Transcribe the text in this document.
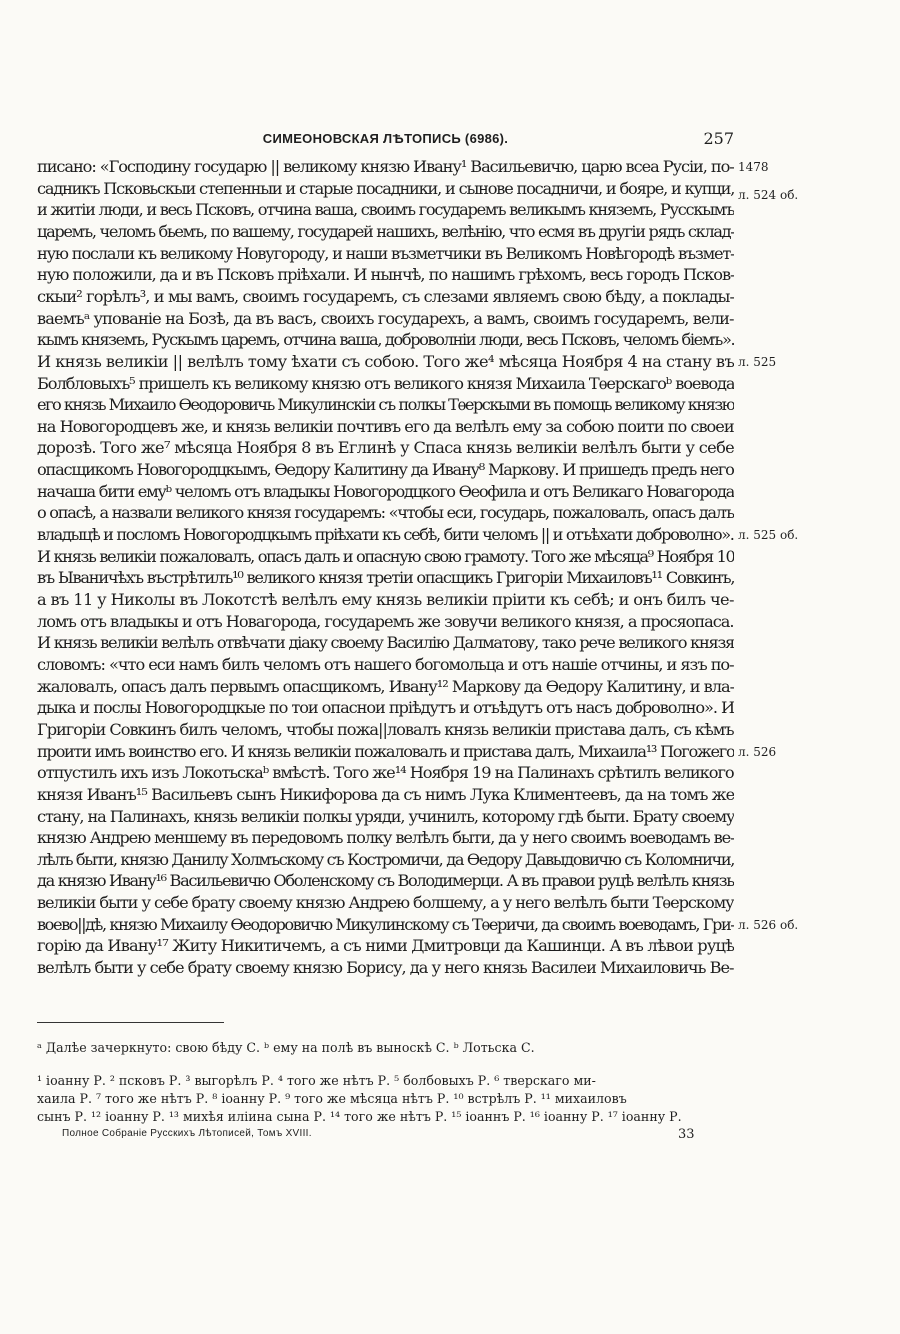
СИМЕОНОВСКАЯ ЛѢТОПИСЬ (6986).	257
писано: «Господину государю || великому князю Ивану¹ Васильевичю, царю всеа Русіи, по-
садникъ Псковьскыи степенныи и старые посадники, и сынове посадничи, и бояре, и купци,
и житіи люди, и весь Псковъ, отчина ваша, своимъ государемъ великымъ княземъ, Русскымъ
царемъ, челомъ бьемъ, по вашему, государей нашихъ, велѣнію, что есмя въ другіи рядъ склад-
ную послали къ великому Новугороду, и наши възметчики въ Великомъ Новѣгородѣ възмет-
ную положили, да и въ Псковъ пріѣхали. И нынчѣ, по нашимъ грѣхомъ, весь городъ Псков-
скыи² горѣлъ³, и мы вамъ, своимъ государемъ, съ слезами являемъ свою бѣду, а поклады-
ваемъᵃ упованіе на Бозѣ, да въ васъ, своихъ государехъ, а вамъ, своимъ государемъ, вели-
кымъ княземъ, Рускымъ царемъ, отчина ваша, доброволніи люди, весь Псковъ, челомъ біемъ».
И князь великіи || велѣлъ тому ѣхати съ собою. Того же⁴ мѣсяца Ноября 4 на стану въ
Болбловыхъ⁵ пришелъ къ великому князю отъ великого князя Михаила Тѳерскагоᵇ воевода
его князь Михаило Ѳеодоровичь Микулинскіи съ полкы Тѳерскыми въ помощь великому князю
на Новогородцевъ же, и князь великіи почтивъ его да велѣлъ ему за собою поити по своеи
дорозѣ. Того же⁷ мѣсяца Ноября 8 въ Еглинѣ у Спаса князь великіи велѣлъ быти у себе
опасщикомъ Новогородцкымъ, Ѳедору Калитину да Ивану⁸ Маркову. И пришедъ предъ него
начаша бити емуᵇ челомъ отъ владыкы Новогородцкого Ѳеофила и отъ Великаго Новагорода
о опасѣ, а назвали великого князя государемъ: «чтобы еси, государь, пожаловалъ, опасъ далъ
владыцѣ и посломъ Новогородцкымъ пріѣхати къ себѣ, бити челомъ || и отъѣхати доброволно».
И князь великіи пожаловалъ, опасъ далъ и опасную свою грамоту. Того же мѣсяца⁹ Ноября 10
въ Ываничѣхъ въстрѣтилъ¹⁰ великого князя третіи опасщикъ Григоріи Михаиловъ¹¹ Совкинъ,
а въ 11 у Николы въ Локотстѣ велѣлъ ему князь великіи пріити къ себѣ; и онъ билъ че-
ломъ отъ владыкы и отъ Новагорода, государемъ же зовучи великого князя, а просяопаса.
И князь великіи велѣлъ отвѣчати діаку своему Василію Далматову, тако рече великого князя
словомъ: «что еси намъ билъ челомъ отъ нашего богомольца и отъ нашіе отчины, и язъ по-
жаловалъ, опасъ далъ первымъ опасщикомъ, Ивану¹² Маркову да Ѳедору Калитину, и вла-
дыка и послы Новогородцкые по тои опаснои пріѣдутъ и отъѣдутъ отъ насъ доброволно». И
Григоріи Совкинъ билъ челомъ, чтобы пожа||ловалъ князь великіи пристава далъ, съ кѣмъ
проити имъ воинство его. И князь великіи пожаловалъ и пристава далъ, Михаила¹³ Погожего
отпустилъ ихъ изъ Локотьскаᵇ вмѣстѣ. Того же¹⁴ Ноября 19 на Палинахъ срѣтилъ великого
князя Иванъ¹⁵ Васильевъ сынъ Никифорова да съ нимъ Лука Климентеевъ, да на томъ же
стану, на Палинахъ, князь великіи полкы уряди, учинилъ, которому гдѣ быти. Брату своему
князю Андрею меншему въ передовомъ полку велѣлъ быти, да у него своимъ воеводамъ ве-
лѣлъ быти, князю Данилу Холмъскому съ Костромичи, да Ѳедору Давыдовичю съ Коломничи,
да князю Ивану¹⁶ Васильевичю Оболенскому съ Володимерци. А въ правои руцѣ велѣлъ князь
великіи быти у себе брату своему князю Андрею болшему, а у него велѣлъ быти Тѳерскому
воево||дѣ, князю Михаилу Ѳеодоровичю Микулинскому съ Тѳеричи, да своимъ воеводамъ, Гри-
горію да Ивану¹⁷ Житу Никитичемъ, а съ ними Дмитровци да Кашинци. А въ лѣвои руцѣ
велѣлъ быти у себе брату своему князю Борису, да у него князь Василеи Михаиловичь Ве-
1478
л. 524 об.
л. 525
л. 525 об.
л. 526
л. 526 об.
ᵃ Далѣе зачеркнуто: свою бѣду С. ᵇ ему на полѣ въ выноскѣ С. ᵇ Лотьска С.
¹ іоанну Р. ² псковъ Р. ³ выгорѣлъ Р. ⁴ того же нѣтъ Р. ⁵ болбовыхъ Р. ⁶ тверскаго ми-
хаила Р. ⁷ того же нѣтъ Р. ⁸ іоанну Р. ⁹ того же мѣсяца нѣтъ Р. ¹⁰ встрѣлъ Р. ¹¹ михаиловъ
сынъ Р. ¹² іоанну Р. ¹³ михѣя иліина сына Р. ¹⁴ того же нѣтъ Р. ¹⁵ іоаннъ Р. ¹⁶ іоанну Р. ¹⁷ іоанну Р.
Полное Собраніе Русскихъ Лѣтописей, Томъ XVIII.	33
